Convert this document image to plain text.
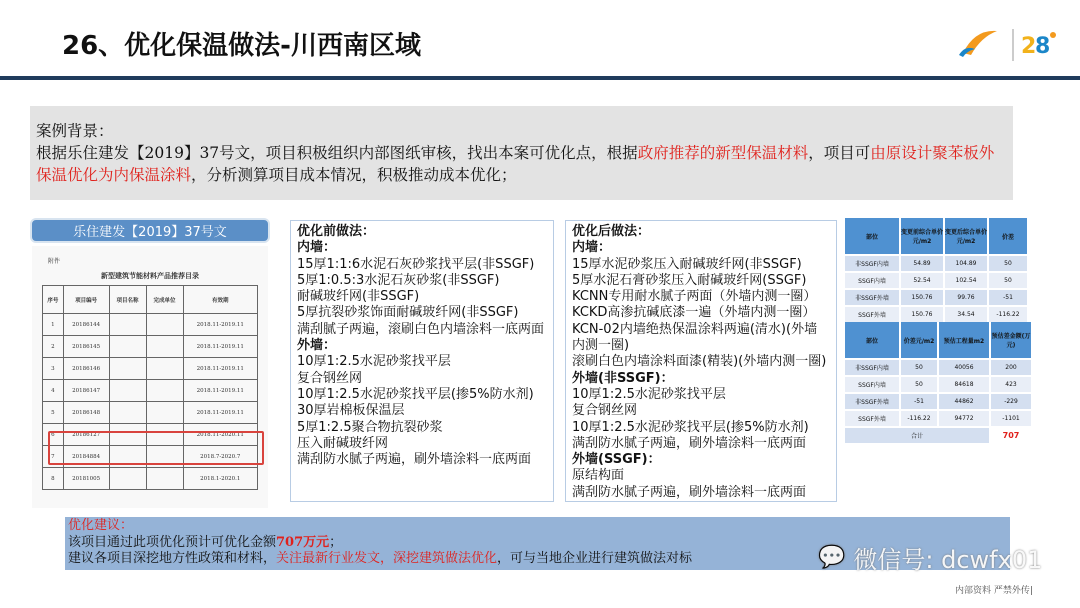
26、优化保温做法-川西南区域	2
8
案例背景：
根据乐住建发【2019】37号文，项目积极组织内部图纸审核，找出本案可优化点，根据政府推荐的新型保温材料，项目可由原设计聚苯板外保温优化为内保温涂料，分析测算项目成本情况，积极推动成本优化；
乐住建发【2019】37号文
附件
新型建筑节能材料产品推荐目录
序号	项目编号	项目名称	完成单位	有效期
1	20186144			2018.11-2019.11
2	20186145			2018.11-2019.11
3	20186146			2018.11-2019.11
4	20186147			2018.11-2019.11
5	20186148			2018.11-2019.11
6	20186127			2018.11-2020.11
7	20184884			2018.7-2020.7
8	20181005			2018.1-2020.1
优化前做法：
内墙：
15厚1:1:6水泥石灰砂浆找平层(非SSGF)
5厚1:0.5:3水泥石灰砂浆(非SSGF)
耐碱玻纤网(非SSGF)
5厚抗裂砂浆饰面耐碱玻纤网(非SSGF)
满刮腻子两遍，滚刷白色内墙涂料一底两面
外墙：
10厚1:2.5水泥砂浆找平层
复合钢丝网
10厚1:2.5水泥砂浆找平层(掺5%防水剂)
30厚岩棉板保温层
5厚1:2.5聚合物抗裂砂浆
压入耐碱玻纤网
满刮防水腻子两遍，刷外墙涂料一底两面
优化后做法：
内墙：
15厚水泥砂浆压入耐碱玻纤网(非SSGF)
5厚水泥石膏砂浆压入耐碱玻纤网(SSGF)
KCNN专用耐水腻子两面（外墙内测一圈）
KCKD高渗抗碱底漆一遍（外墙内测一圈）
KCN-02内墙绝热保温涂料两遍(清水)(外墙内测一圈)
滚刷白色内墙涂料面漆(精装)(外墙内测一圈)
外墙(非SSGF)：
10厚1:2.5水泥砂浆找平层
复合钢丝网
10厚1:2.5水泥砂浆找平层(掺5%防水剂)
满刮防水腻子两遍，刷外墙涂料一底两面
外墙(SSGF)：
原结构面
满刮防水腻子两遍，刷外墙涂料一底两面
部位	变更前综合单价元/m2	变更后综合单价元/m2	价差
非SSGF内墙	54.89	104.89	50
SSGF内墙	52.54	102.54	50
非SSGF外墙	150.76	99.76	-51
SSGF外墙	150.76	34.54	-116.22
部位	价差元/m2	预估工程量m2	预估差金额(万元)
非SSGF内墙	50	40056	200
SSGF内墙	50	84618	423
非SSGF外墙	-51	44862	-229
SSGF外墙	-116.22	94772	-1101
合计			707
优化建议：
该项目通过此项优化预计可优化金额707万元；
建议各项目深挖地方性政策和材料，关注最新行业发文，深挖建筑做法优化，可与当地企业进行建筑做法对标	💬 微信号: dcwfx01
内部资料 严禁外传|
